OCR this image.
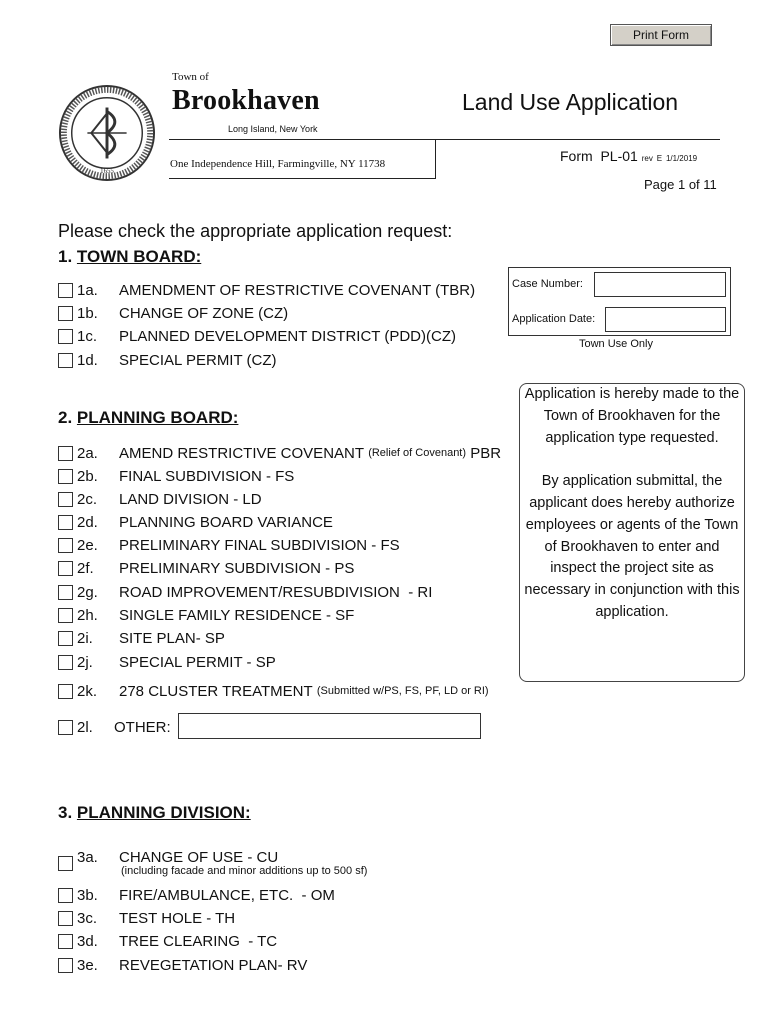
Print Form
1655
Town of
Brookhaven
Long Island, New York
One Independence Hill, Farmingville, NY 11738
Land Use Application
Form PL-01 rev E 1/1/2019
Page 1 of 11
Please check the appropriate application request:
1. TOWN BOARD:
1a.	AMENDMENT OF RESTRICTIVE COVENANT (TBR)
1b.	CHANGE OF ZONE (CZ)
1c.	PLANNED DEVELOPMENT DISTRICT (PDD)(CZ)
1d.	SPECIAL PERMIT (CZ)
Case Number:
Application Date:
Town Use Only
2. PLANNING BOARD:
2a.	AMEND RESTRICTIVE COVENANT
(Relief of Covenant)
PBR
2b.	FINAL SUBDIVISION - FS
2c.	LAND DIVISION - LD
2d.	PLANNING BOARD VARIANCE
2e.	PRELIMINARY FINAL SUBDIVISION - FS
2f.	PRELIMINARY SUBDIVISION - PS
2g.	ROAD IMPROVEMENT/RESUBDIVISION  - RI
2h.	SINGLE FAMILY RESIDENCE - SF
2i.	SITE PLAN- SP
2j.	SPECIAL PERMIT - SP
2k.	278 CLUSTER TREATMENT
(Submitted w/PS, FS, PF, LD or RI)
2l.	OTHER:

Application is hereby made to the Town of Brookhaven for the application type requested.

By application submittal, the applicant does hereby authorize employees or agents of the Town of Brookhaven to enter and inspect the project site as necessary in conjunction with this application.

3. PLANNING DIVISION:
3a.	CHANGE OF USE - CU
(including facade and minor additions up to 500 sf)
3b.	FIRE/AMBULANCE, ETC.  - OM
3c.	TEST HOLE - TH
3d.	TREE CLEARING  - TC
3e.	REVEGETATION PLAN- RV
